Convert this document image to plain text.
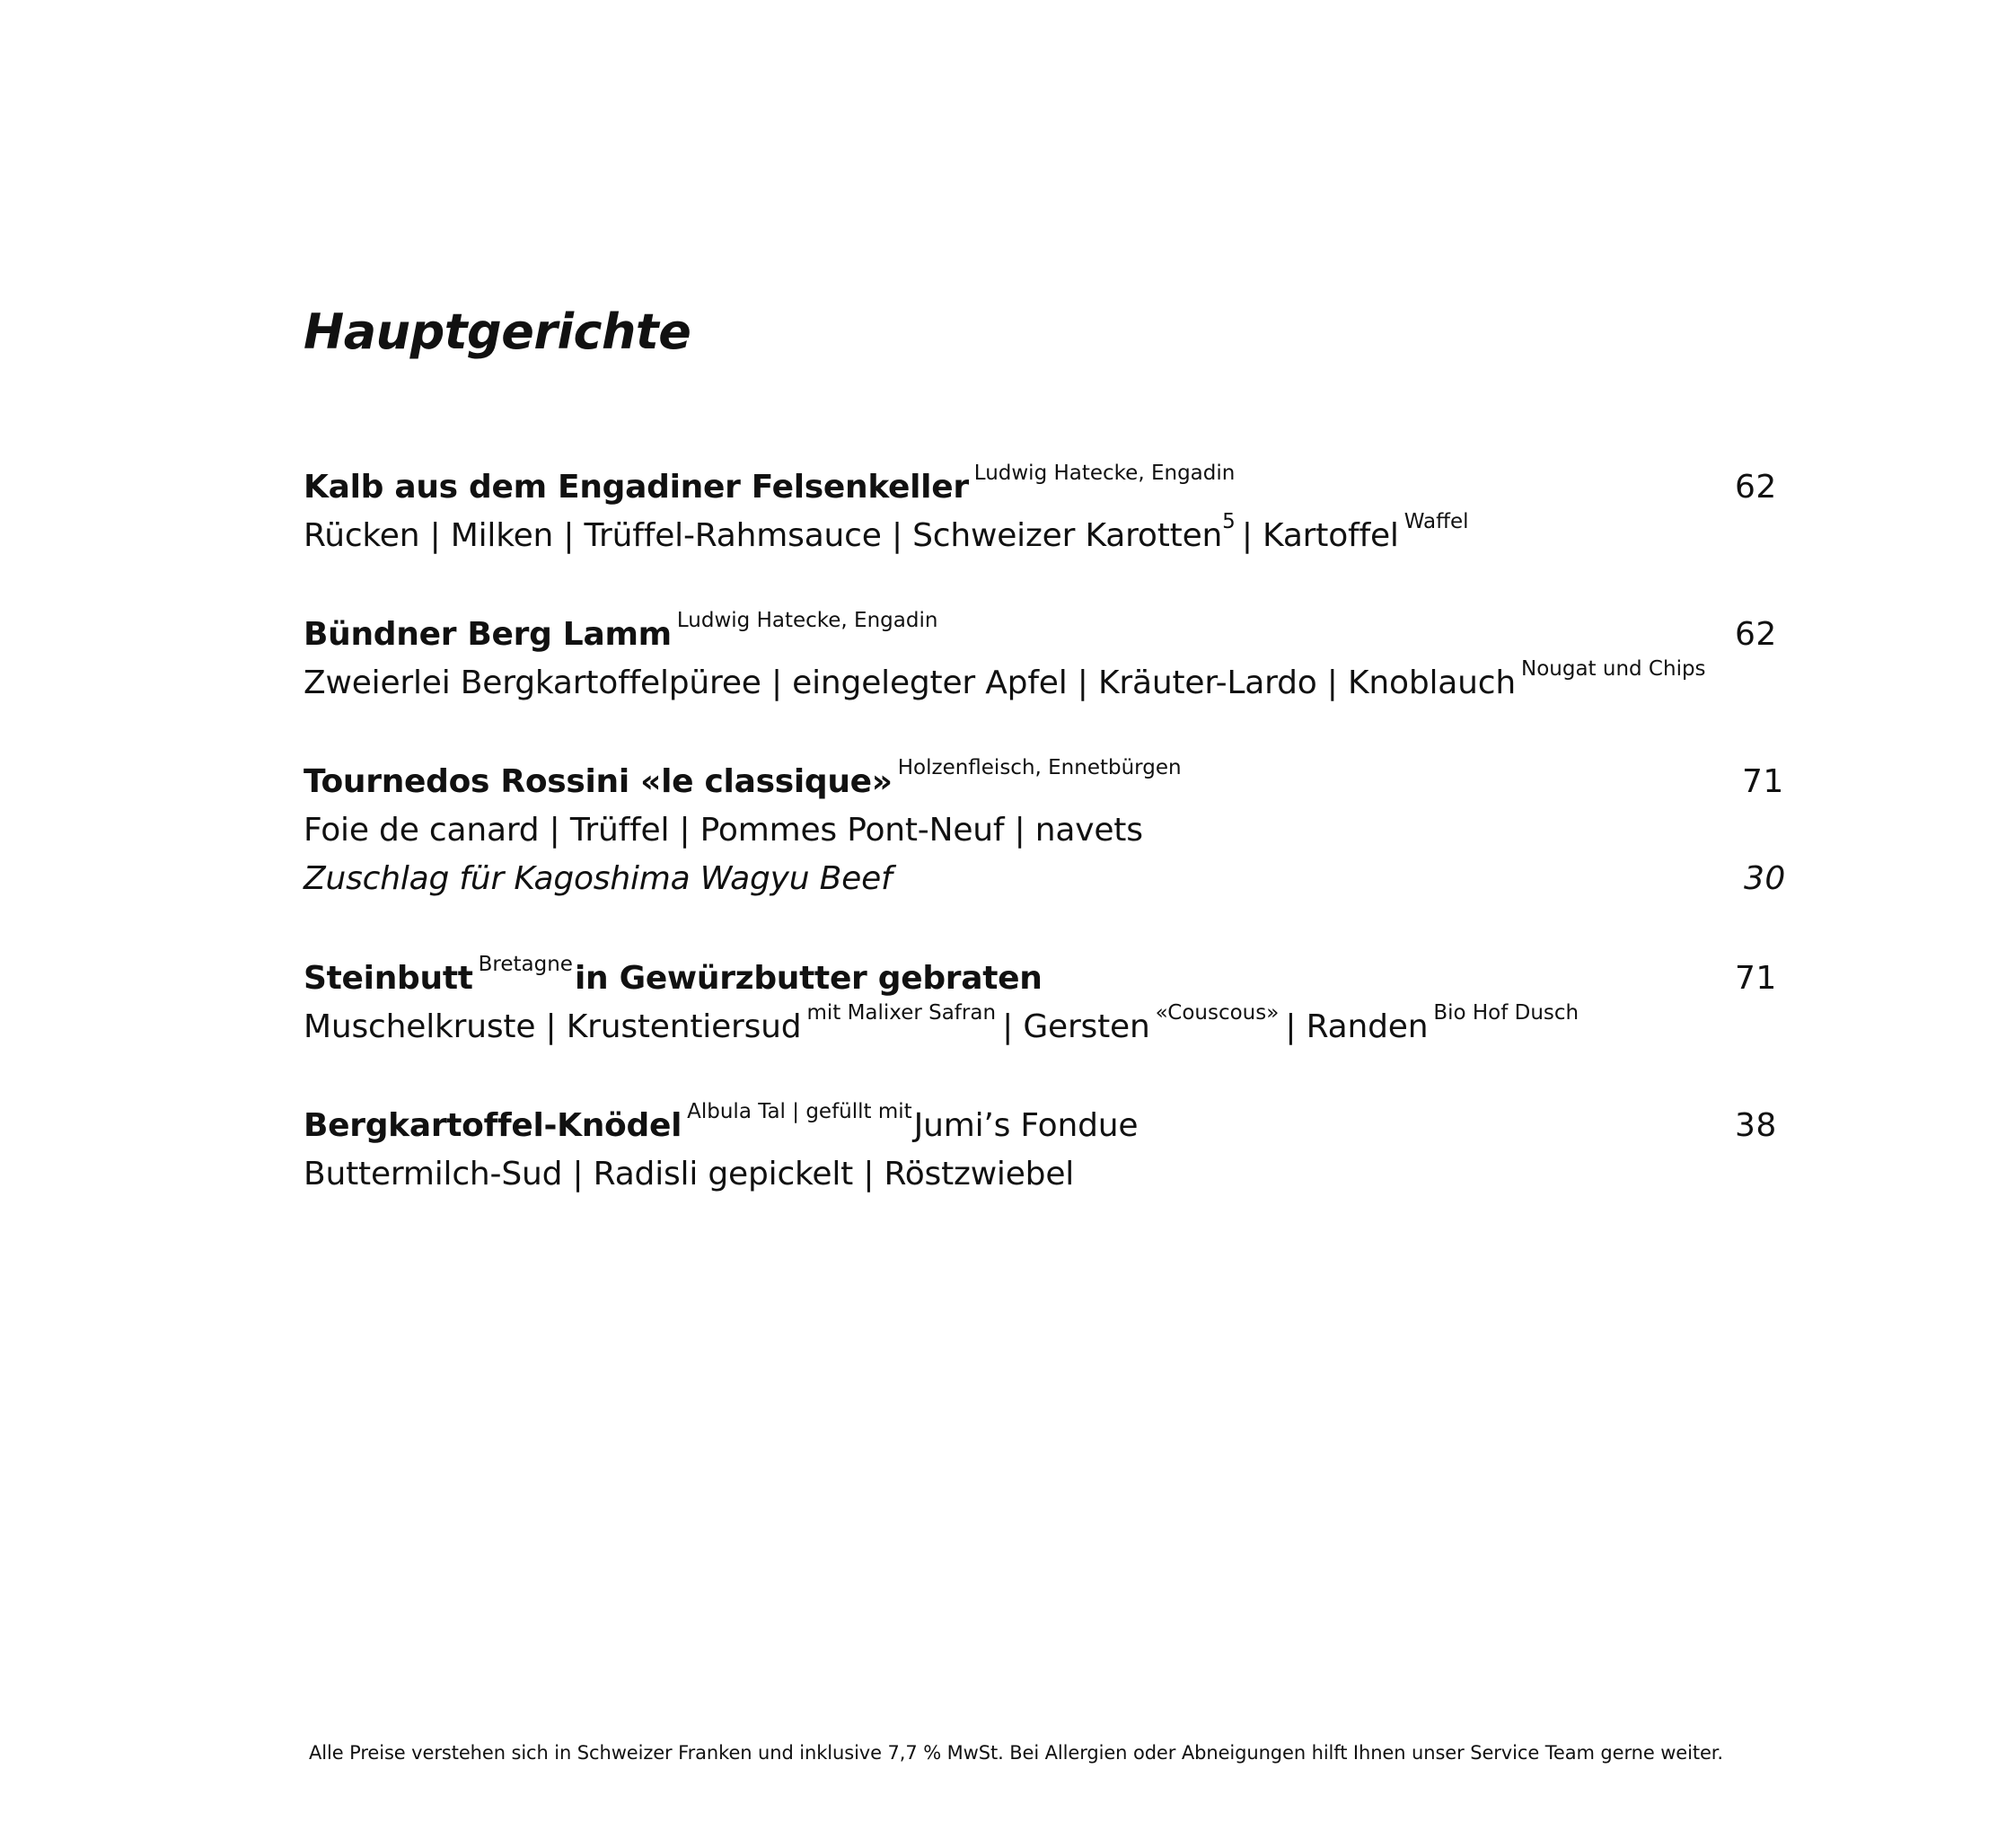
Hauptgerichte
Kalb aus dem Engadiner Felsenkeller Ludwig Hatecke, Engadin	62
Rücken | Milken | Trüffel-Rahmsauce | Schweizer Karotten5 | Kartoffel Waffel
Bündner Berg Lamm Ludwig Hatecke, Engadin	62
Zweierlei Bergkartoffelpüree | eingelegter Apfel | Kräuter-Lardo | Knoblauch Nougat und Chips
Tournedos Rossini «le classique» Holzenfleisch, Ennetbürgen	71
Foie de canard | Trüffel | Pommes Pont-Neuf | navets
Zuschlag für Kagoshima Wagyu Beef	30
Steinbutt Bretagnein Gewürzbutter gebraten	71
Muschelkruste | Krustentiersud mit Malixer Safran | Gersten «Couscous» | Randen Bio Hof Dusch
Bergkartoffel-Knödel Albula Tal | gefüllt mitJumi’s Fondue	38
Buttermilch-Sud | Radisli gepickelt | Röstzwiebel
Alle Preise verstehen sich in Schweizer Franken und inklusive 7,7 % MwSt. Bei Allergien oder Abneigungen hilft Ihnen unser Service Team gerne weiter.
